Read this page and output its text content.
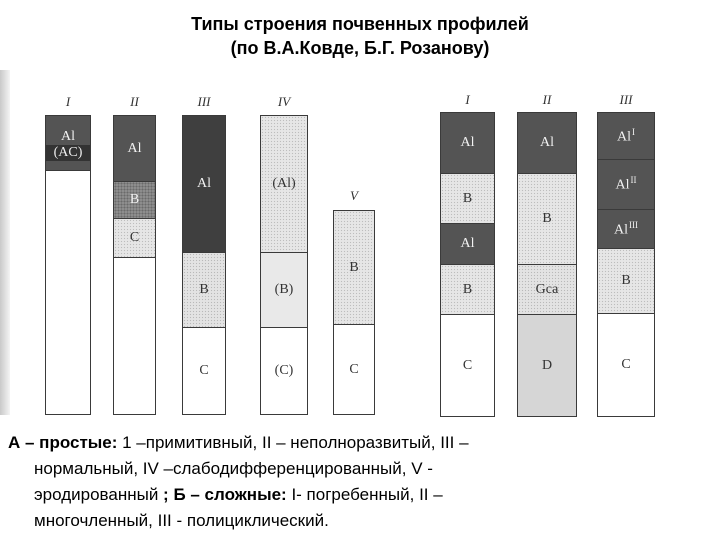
Типы строения почвенных профилей
(по В.А.Ковде, Б.Г. Розанову)
I
Al
(AC)
II
Al
B
C
III
Al
B
C
IV
(Al)
(B)
(C)
V
B
C
I
Al
B
Al
B
C
II
Al
B
Gса
D
III
$Al^I$
$Al^{II}$
$Al^{III}$
B
C
А – простые: 1 –примитивный, II – неполноразвитый, III –
нормальный, IV –слабодифференцированный, V -
эродированный ; Б – сложные: I- погребенный, II –
многочленный, III - полициклический.
